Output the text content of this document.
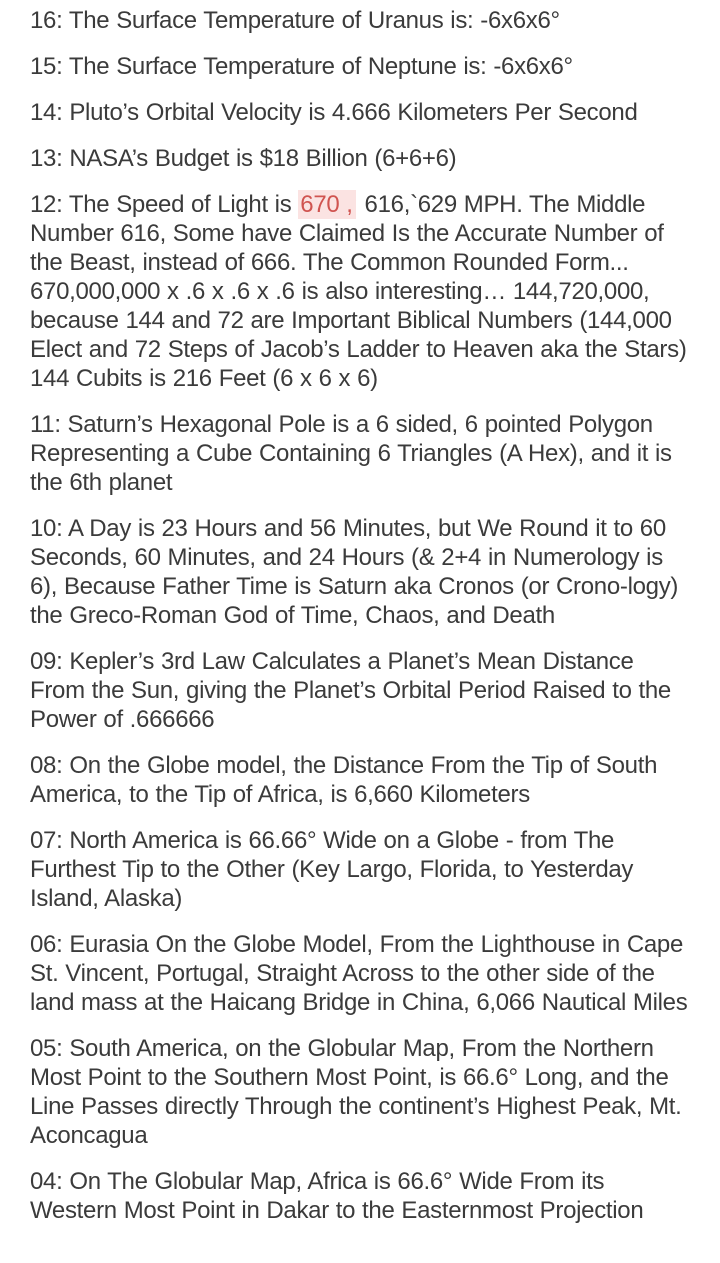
16: The Surface Temperature of Uranus is: -6x6x6°

15: The Surface Temperature of Neptune is: -6x6x6°

14: Pluto’s Orbital Velocity is 4.666 Kilometers Per Second

13: NASA’s Budget is $18 Billion (6+6+6)

12: The Speed of Light is 670 , 616,`629 MPH. The Middle Number 616, Some have Claimed Is the Accurate Number of the Beast, instead of 666. The Common Rounded Form... 670,000,000 x .6 x .6 x .6 is also interesting… 144,720,000, because 144 and 72 are Important Biblical Numbers (144,000 Elect and 72 Steps of Jacob’s Ladder to Heaven aka the Stars) 144 Cubits is 216 Feet (6 x 6 x 6)

11: Saturn’s Hexagonal Pole is a 6 sided, 6 pointed Polygon Representing a Cube Containing 6 Triangles (A Hex), and it is the 6th planet

10: A Day is 23 Hours and 56 Minutes, but We Round it to 60 Seconds, 60 Minutes, and 24 Hours (& 2+4 in Numerology is 6), Because Father Time is Saturn aka Cronos (or Crono-logy) the Greco-Roman God of Time, Chaos, and Death

09: Kepler’s 3rd Law Calculates a Planet’s Mean Distance From the Sun, giving the Planet’s Orbital Period Raised to the Power of .666666

08: On the Globe model, the Distance From the Tip of South America, to the Tip of Africa, is 6,660 Kilometers

07: North America is 66.66° Wide on a Globe - from The Furthest Tip to the Other (Key Largo, Florida, to Yesterday Island, Alaska)

06: Eurasia On the Globe Model, From the Lighthouse in Cape St. Vincent, Portugal, Straight Across to the other side of the land mass at the Haicang Bridge in China, 6,066 Nautical Miles

05: South America, on the Globular Map, From the Northern Most Point to the Southern Most Point, is 66.6° Long, and the Line Passes directly Through the continent’s Highest Peak, Mt. Aconcagua

04: On The Globular Map, Africa is 66.6° Wide From its Western Most Point in Dakar to the Easternmost Projection
